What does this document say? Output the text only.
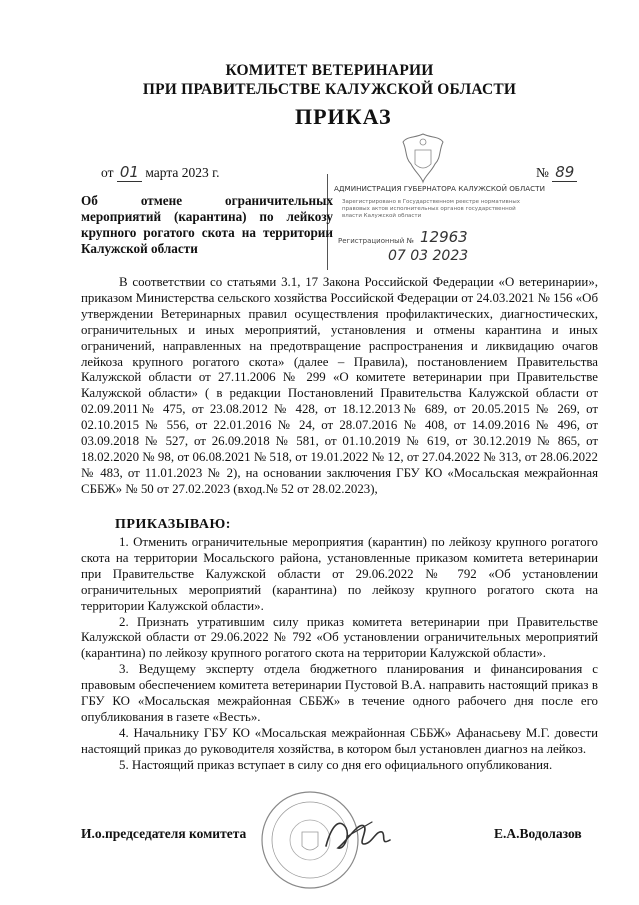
КОМИТЕТ ВЕТЕРИНАРИИ
ПРИ ПРАВИТЕЛЬСТВЕ КАЛУЖСКОЙ ОБЛАСТИ
ПРИКАЗ
от 01 марта 2023 г.	№ 89
АДМИНИСТРАЦИЯ ГУБЕРНАТОРА КАЛУЖСКОЙ ОБЛАСТИ
Зарегистрировано в Государственном реестре нормативных правовых актов исполнительных органов государственной власти Калужской области
Регистрационный № 12963
07 03 2023
Об отмене ограничительных мероприятий (карантина) по лейкозу крупного рогатого скота на территории Калужской области
В соответствии со статьями 3.1, 17 Закона Российской Федерации «О ветеринарии», приказом Министерства сельского хозяйства Российской Федерации от 24.03.2021 № 156 «Об утверждении Ветеринарных правил осуществления профилактических, диагностических, ограничительных и иных мероприятий, установления и отмены карантина и иных ограничений, направленных на предотвращение распространения и ликвидацию очагов лейкоза крупного рогатого скота» (далее – Правила), постановлением Правительства Калужской области от 27.11.2006 № 299 «О комитете ветеринарии при Правительстве Калужской области» ( в редакции Постановлений Правительства Калужской области от 02.09.2011№ 475, от 23.08.2012 № 428, от 18.12.2013№ 689, от 20.05.2015 № 269, от 02.10.2015 № 556, от 22.01.2016 № 24, от 28.07.2016 № 408, от 14.09.2016 № 496, от 03.09.2018 № 527, от 26.09.2018 № 581, от 01.10.2019 № 619, от 30.12.2019 № 865, от 18.02.2020 № 98, от 06.08.2021 № 518, от 19.01.2022 № 12, от 27.04.2022 № 313, от 28.06.2022 № 483, от 11.01.2023 № 2), на основании заключения ГБУ КО «Мосальская межрайонная СББЖ» № 50 от 27.02.2023 (вход.№ 52 от 28.02.2023),
ПРИКАЗЫВАЮ:

1. Отменить ограничительные мероприятия (карантин) по лейкозу крупного рогатого скота на территории Мосальского района, установленные приказом комитета ветеринарии при Правительстве Калужской области от 29.06.2022 № 792 «Об установлении ограничительных мероприятий (карантина) по лейкозу крупного рогатого скота на территории Калужской области».

2. Признать утратившим силу приказ комитета ветеринарии при Правительстве Калужской области от 29.06.2022 № 792 «Об установлении ограничительных мероприятий (карантина) по лейкозу крупного рогатого скота на территории Калужской области».

3. Ведущему эксперту отдела бюджетного планирования и финансирования с правовым обеспечением комитета ветеринарии Пустовой В.А. направить настоящий приказ в ГБУ КО «Мосальская межрайонная СББЖ» в течение одного рабочего дня после его опубликования в газете «Весть».

4. Начальнику ГБУ КО «Мосальская межрайонная СББЖ» Афанасьеву М.Г. довести настоящий приказ до руководителя хозяйства, в котором был установлен диагноз на лейкоз.

5. Настоящий приказ вступает в силу со дня его официального опубликования.

И.о.председателя комитета	Е.А.Водолазов
